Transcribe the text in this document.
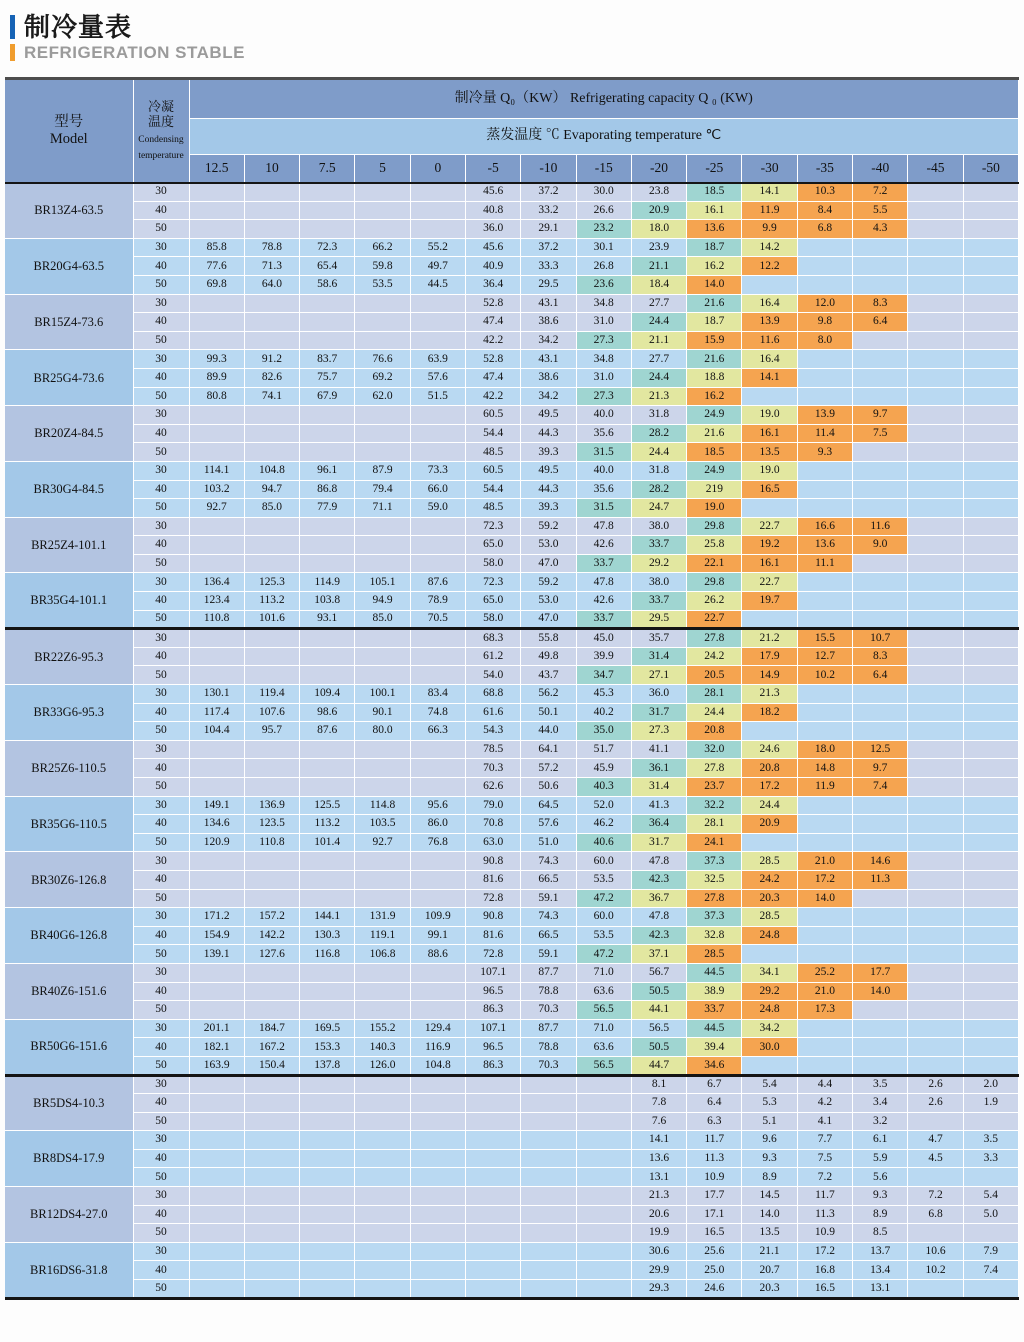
制冷量表
REFRIGERATION STABLE
型号
Model	冷凝
温度
Condensing
temperature	制冷量 Q₀（KW） Refrigerating capacity Q ₀ (KW)														
		蒸发温度 ℃ Evaporating temperature ℃														
		12.5	10	7.5	5	0	-5	-10	-15	-20	-25	-30	-35	-40	-45	-50
BR13Z4-63.5	30						45.6	37.2	30.0	23.8	18.5	14.1	10.3	7.2		
	40						40.8	33.2	26.6	20.9	16.1	11.9	8.4	5.5		
	50						36.0	29.1	23.2	18.0	13.6	9.9	6.8	4.3		
BR20G4-63.5	30	85.8	78.8	72.3	66.2	55.2	45.6	37.2	30.1	23.9	18.7	14.2				
	40	77.6	71.3	65.4	59.8	49.7	40.9	33.3	26.8	21.1	16.2	12.2				
	50	69.8	64.0	58.6	53.5	44.5	36.4	29.5	23.6	18.4	14.0					
BR15Z4-73.6	30						52.8	43.1	34.8	27.7	21.6	16.4	12.0	8.3		
	40						47.4	38.6	31.0	24.4	18.7	13.9	9.8	6.4		
	50						42.2	34.2	27.3	21.1	15.9	11.6	8.0			
BR25G4-73.6	30	99.3	91.2	83.7	76.6	63.9	52.8	43.1	34.8	27.7	21.6	16.4				
	40	89.9	82.6	75.7	69.2	57.6	47.4	38.6	31.0	24.4	18.8	14.1				
	50	80.8	74.1	67.9	62.0	51.5	42.2	34.2	27.3	21.3	16.2					
BR20Z4-84.5	30						60.5	49.5	40.0	31.8	24.9	19.0	13.9	9.7		
	40						54.4	44.3	35.6	28.2	21.6	16.1	11.4	7.5		
	50						48.5	39.3	31.5	24.4	18.5	13.5	9.3			
BR30G4-84.5	30	114.1	104.8	96.1	87.9	73.3	60.5	49.5	40.0	31.8	24.9	19.0				
	40	103.2	94.7	86.8	79.4	66.0	54.4	44.3	35.6	28.2	219	16.5				
	50	92.7	85.0	77.9	71.1	59.0	48.5	39.3	31.5	24.7	19.0					
BR25Z4-101.1	30						72.3	59.2	47.8	38.0	29.8	22.7	16.6	11.6		
	40						65.0	53.0	42.6	33.7	25.8	19.2	13.6	9.0		
	50						58.0	47.0	33.7	29.2	22.1	16.1	11.1			
BR35G4-101.1	30	136.4	125.3	114.9	105.1	87.6	72.3	59.2	47.8	38.0	29.8	22.7				
	40	123.4	113.2	103.8	94.9	78.9	65.0	53.0	42.6	33.7	26.2	19.7				
	50	110.8	101.6	93.1	85.0	70.5	58.0	47.0	33.7	29.5	22.7					
BR22Z6-95.3	30						68.3	55.8	45.0	35.7	27.8	21.2	15.5	10.7		
	40						61.2	49.8	39.9	31.4	24.2	17.9	12.7	8.3		
	50						54.0	43.7	34.7	27.1	20.5	14.9	10.2	6.4		
BR33G6-95.3	30	130.1	119.4	109.4	100.1	83.4	68.8	56.2	45.3	36.0	28.1	21.3				
	40	117.4	107.6	98.6	90.1	74.8	61.6	50.1	40.2	31.7	24.4	18.2				
	50	104.4	95.7	87.6	80.0	66.3	54.3	44.0	35.0	27.3	20.8					
BR25Z6-110.5	30						78.5	64.1	51.7	41.1	32.0	24.6	18.0	12.5		
	40						70.3	57.2	45.9	36.1	27.8	20.8	14.8	9.7		
	50						62.6	50.6	40.3	31.4	23.7	17.2	11.9	7.4		
BR35G6-110.5	30	149.1	136.9	125.5	114.8	95.6	79.0	64.5	52.0	41.3	32.2	24.4				
	40	134.6	123.5	113.2	103.5	86.0	70.8	57.6	46.2	36.4	28.1	20.9				
	50	120.9	110.8	101.4	92.7	76.8	63.0	51.0	40.6	31.7	24.1					
BR30Z6-126.8	30						90.8	74.3	60.0	47.8	37.3	28.5	21.0	14.6		
	40						81.6	66.5	53.5	42.3	32.5	24.2	17.2	11.3		
	50						72.8	59.1	47.2	36.7	27.8	20.3	14.0			
BR40G6-126.8	30	171.2	157.2	144.1	131.9	109.9	90.8	74.3	60.0	47.8	37.3	28.5				
	40	154.9	142.2	130.3	119.1	99.1	81.6	66.5	53.5	42.3	32.8	24.8				
	50	139.1	127.6	116.8	106.8	88.6	72.8	59.1	47.2	37.1	28.5					
BR40Z6-151.6	30						107.1	87.7	71.0	56.7	44.5	34.1	25.2	17.7		
	40						96.5	78.8	63.6	50.5	38.9	29.2	21.0	14.0		
	50						86.3	70.3	56.5	44.1	33.7	24.8	17.3			
BR50G6-151.6	30	201.1	184.7	169.5	155.2	129.4	107.1	87.7	71.0	56.5	44.5	34.2				
	40	182.1	167.2	153.3	140.3	116.9	96.5	78.8	63.6	50.5	39.4	30.0				
	50	163.9	150.4	137.8	126.0	104.8	86.3	70.3	56.5	44.7	34.6					
BR5DS4-10.3	30									8.1	6.7	5.4	4.4	3.5	2.6	2.0
	40									7.8	6.4	5.3	4.2	3.4	2.6	1.9
	50									7.6	6.3	5.1	4.1	3.2		
BR8DS4-17.9	30									14.1	11.7	9.6	7.7	6.1	4.7	3.5
	40									13.6	11.3	9.3	7.5	5.9	4.5	3.3
	50									13.1	10.9	8.9	7.2	5.6		
BR12DS4-27.0	30									21.3	17.7	14.5	11.7	9.3	7.2	5.4
	40									20.6	17.1	14.0	11.3	8.9	6.8	5.0
	50									19.9	16.5	13.5	10.9	8.5		
BR16DS6-31.8	30									30.6	25.6	21.1	17.2	13.7	10.6	7.9
	40									29.9	25.0	20.7	16.8	13.4	10.2	7.4
	50									29.3	24.6	20.3	16.5	13.1		
